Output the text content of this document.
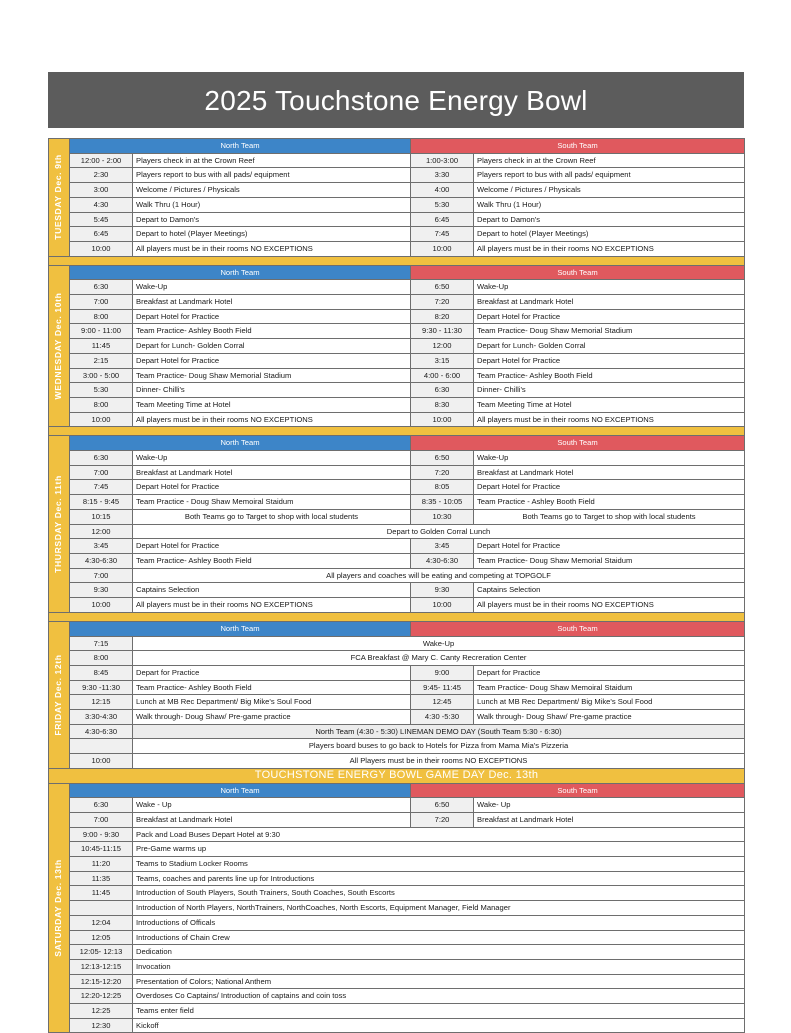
2025 Touchstone Energy Bowl
TUESDAY Dec. 9th	North Team		South Team	
	12:00 - 2:00	Players check in at the Crown Reef	1:00-3:00	Players check in at the Crown Reef
	2:30	Players report to bus with all pads/ equipment	3:30	Players report to bus with all pads/ equipment
	3:00	Welcome / Pictures / Physicals	4:00	Welcome / Pictures / Physicals
	4:30	Walk Thru (1 Hour)	5:30	Walk Thru (1 Hour)
	5:45	Depart to Damon's	6:45	Depart to Damon's
	6:45	Depart to hotel (Player Meetings)	7:45	Depart to hotel (Player Meetings)
	10:00	All players must be in their rooms NO EXCEPTIONS	10:00	All players must be in their rooms NO EXCEPTIONS

WEDNESDAY Dec. 10th	North Team		South Team	
	6:30	Wake-Up	6:50	Wake-Up
	7:00	Breakfast at Landmark Hotel	7:20	Breakfast at Landmark Hotel
	8:00	Depart Hotel for Practice	8:20	Depart Hotel for Practice
	9:00 - 11:00	Team Practice- Ashley Booth Field	9:30 - 11:30	Team Practice- Doug Shaw Memorial Stadium
	11:45	Depart for Lunch- Golden Corral	12:00	Depart for Lunch- Golden Corral
	2:15	Depart Hotel for Practice	3:15	Depart Hotel for Practice
	3:00 - 5:00	Team Practice- Doug Shaw Memorial Stadium	4:00 - 6:00	Team Practice- Ashley Booth Field
	5:30	Dinner- Chilli's	6:30	Dinner- Chilli's
	8:00	Team Meeting Time at Hotel	8:30	Team Meeting Time at Hotel
	10:00	All players must be in their rooms NO EXCEPTIONS	10:00	All players must be in their rooms NO EXCEPTIONS

THURSDAY Dec. 11th	North Team		South Team	
	6:30	Wake-Up	6:50	Wake-Up
	7:00	Breakfast at Landmark Hotel	7:20	Breakfast at Landmark Hotel
	7:45	Depart Hotel for Practice	8:05	Depart Hotel for Practice
	8:15 - 9:45	Team Practice - Doug Shaw Memoiral Staidum	8:35 - 10:05	Team Practice - Ashley Booth Field
	10:15	Both Teams go to Target to shop with local students	10:30	Both Teams go to Target to shop with local students
	12:00	Depart to Golden Corral Lunch		
	3:45	Depart Hotel for Practice	3:45	Depart Hotel for Practice
	4:30-6:30	Team Practice- Ashley Booth Field	4:30-6:30	Team Practice- Doug Shaw Memorial Staidum
	7:00	All players and coaches will be eating and competing at TOPGOLF		
	9:30	Captains Selection	9:30	Captains Selection
	10:00	All players must be in their rooms NO EXCEPTIONS	10:00	All players must be in their rooms NO EXCEPTIONS

FRIDAY Dec. 12th	North Team		South Team	
	7:15	Wake-Up		
	8:00	FCA Breakfast @ Mary C. Canty Recreration Center		
	8:45	Depart for Practice	9:00	Depart for Practice
	9:30 -11:30	Team Practice- Ashley Booth Field	9:45- 11:45	Team Practice- Doug Shaw Memoiral Staidum
	12:15	Lunch at MB Rec Department/ Big Mike's Soul Food	12:45	Lunch at MB Rec Department/ Big Mike's Soul Food
	3:30-4:30	Walk through- Doug Shaw/ Pre-game practice	4:30 -5:30	Walk through- Doug Shaw/ Pre-game practice
	4:30-6:30	North Team (4:30 - 5:30) LINEMAN DEMO DAY (South Team 5:30 - 6:30)		
		Players board buses to go back to Hotels for Pizza from Mama Mia's Pizzeria		
	10:00	All Players must be in their rooms NO EXCEPTIONS		
TOUCHSTONE ENERGY BOWL GAME DAY Dec. 13th				

SATURDAY Dec. 13th	North Team		South Team	
	6:30	Wake - Up	6:50	Wake- Up
	7:00	Breakfast at Landmark Hotel	7:20	Breakfast at Landmark Hotel
	9:00 - 9:30	Pack and Load Buses Depart Hotel at 9:30		
	10:45-11:15	Pre-Game warms up		
	11:20	Teams to Stadium Locker Rooms		
	11:35	Teams, coaches and parents line up for Introductions		
	11:45	Introduction of South Players, South Trainers, South Coaches, South Escorts		
		Introduction of North Players, NorthTrainers, NorthCoaches, North Escorts, Equipment Manager, Field Manager		
	12:04	Introductions of Officals		
	12:05	Introductions of Chain Crew		
	12:05- 12:13	Dedication		
	12:13-12:15	Invocation		
	12:15-12:20	Presentation of Colors; National Anthem		
	12:20-12:25	Overdoses Co Captains/ Introduction of captains and coin toss		
	12:25	Teams enter field		
	12:30	Kickoff		
